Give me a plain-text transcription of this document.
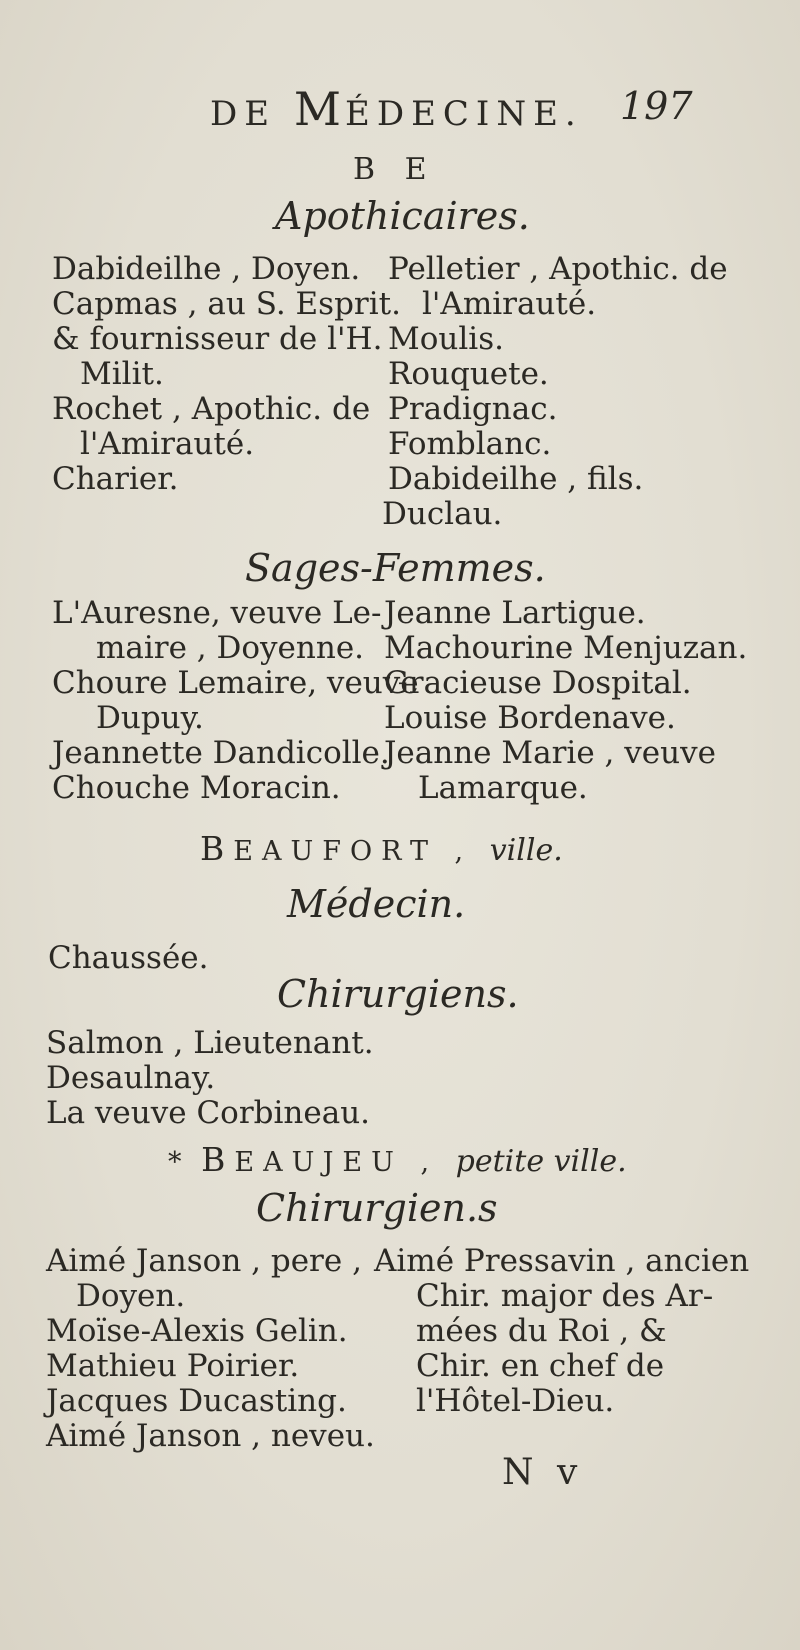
DE MÉDECINE. 197
B E
Apothicaires.
Dabideilhe , Doyen.
Capmas , au S. Esprit.
& fournisseur de l'H.
Milit.
Rochet , Apothic. de
l'Amirauté.
Charier.
Pelletier , Apothic. de
l'Amirauté.
Moulis.
Rouquete.
Pradignac.
Fomblanc.
Dabideilhe , fils.
Duclau.
Sages-Femmes.
L'Auresne, veuve Le-
maire , Doyenne.
Choure Lemaire, veuve
Dupuy.
Jeannette Dandicolle.
Chouche Moracin.
Jeanne Lartigue.
Machourine Menjuzan.
Gracieuse Dospital.
Louise Bordenave.
Jeanne Marie , veuve
Lamarque.
BEAUFORT , ville.
Médecin.
Chaussée.
Chirurgiens.
Salmon , Lieutenant.
Desaulnay.
La veuve Corbineau.
* BEAUJEU , petite ville.
Chirurgien.s
Aimé Janson , pere ,
Doyen.
Moïse-Alexis Gelin.
Mathieu Poirier.
Jacques Ducasting.
Aimé Janson , neveu.
Aimé Pressavin , ancien
Chir. major des Ar-
mées du Roi , &
Chir. en chef de
l'Hôtel-Dieu.
N v
